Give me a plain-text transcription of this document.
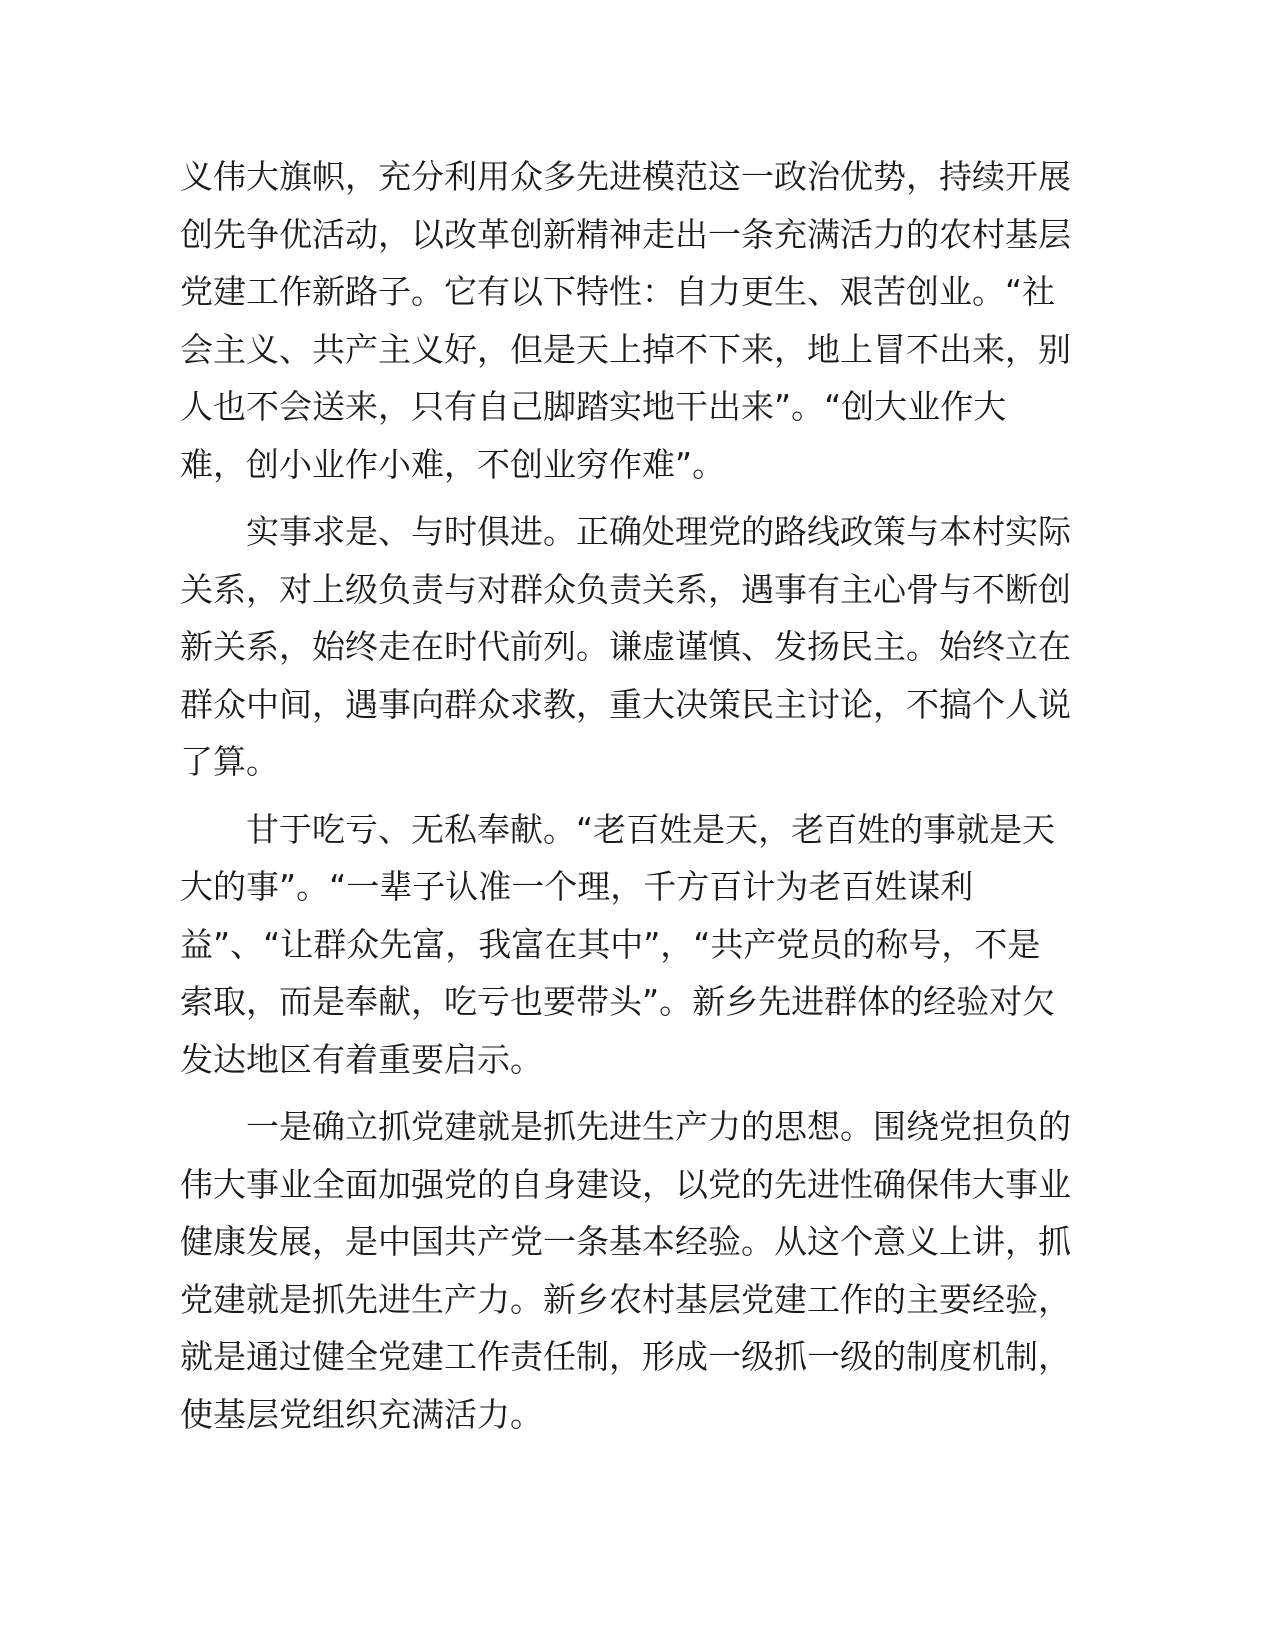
义伟大旗帜，充分利用众多先进模范这一政治优势，持续开展
创先争优活动，以改革创新精神走出一条充满活力的农村基层
党建工作新路子。它有以下特性：自力更生、艰苦创业。“社
会主义、共产主义好，但是天上掉不下来，地上冒不出来，别
人也不会送来，只有自己脚踏实地干出来”。“创大业作大
难，创小业作小难，不创业穷作难”。

实事求是、与时俱进。正确处理党的路线政策与本村实际
关系，对上级负责与对群众负责关系，遇事有主心骨与不断创
新关系，始终走在时代前列。谦虚谨慎、发扬民主。始终立在
群众中间，遇事向群众求教，重大决策民主讨论，不搞个人说
了算。

甘于吃亏、无私奉献。“老百姓是天，老百姓的事就是天
大的事”。“一辈子认准一个理，千方百计为老百姓谋利
益”、“让群众先富，我富在其中”，“共产党员的称号，不是
索取，而是奉献，吃亏也要带头”。新乡先进群体的经验对欠
发达地区有着重要启示。

一是确立抓党建就是抓先进生产力的思想。围绕党担负的
伟大事业全面加强党的自身建设，以党的先进性确保伟大事业
健康发展，是中国共产党一条基本经验。从这个意义上讲，抓
党建就是抓先进生产力。新乡农村基层党建工作的主要经验，
就是通过健全党建工作责任制，形成一级抓一级的制度机制，
使基层党组织充满活力。
